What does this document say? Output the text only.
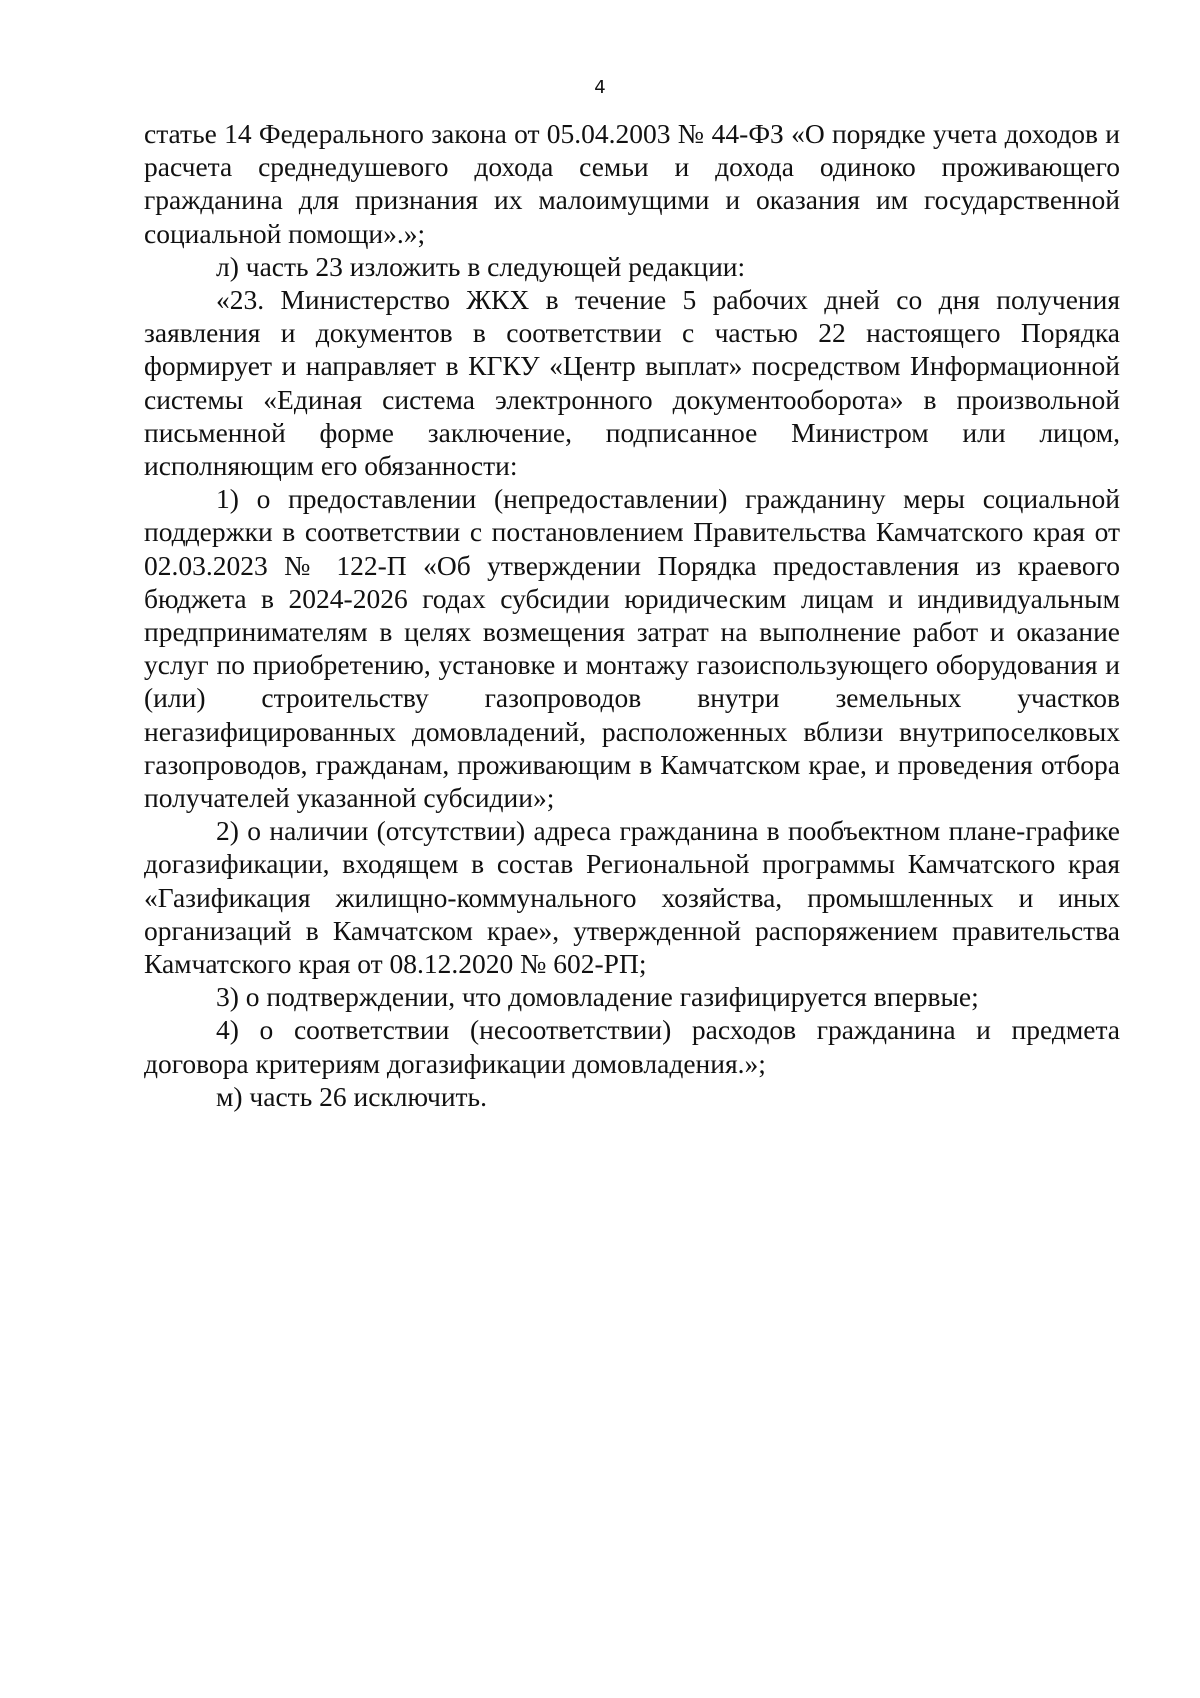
4

статье 14 Федерального закона от 05.04.2003 № 44-ФЗ «О порядке учета доходов и расчета среднедушевого дохода семьи и дохода одиноко проживающего гражданина для признания их малоимущими и оказания им государственной социальной помощи».»;

л) часть 23 изложить в следующей редакции:

«23. Министерство ЖКХ в течение 5 рабочих дней со дня получения заявления и документов в соответствии с частью 22 настоящего Порядка формирует и направляет в КГКУ «Центр выплат» посредством Информационной системы «Единая система электронного документооборота» в произвольной письменной форме заключение, подписанное Министром или лицом, исполняющим его обязанности:

1) о предоставлении (непредоставлении) гражданину меры социальной поддержки в соответствии с постановлением Правительства Камчатского края от 02.03.2023 № 122-П «Об утверждении Порядка предоставления из краевого бюджета в 2024-2026 годах субсидии юридическим лицам и индивидуальным предпринимателям в целях возмещения затрат на выполнение работ и оказание услуг по приобретению, установке и монтажу газоиспользующего оборудования и (или) строительству газопроводов внутри земельных участков негазифицированных домовладений, расположенных вблизи внутрипоселковых газопроводов, гражданам, проживающим в Камчатском крае, и проведения отбора получателей указанной субсидии»;

2) о наличии (отсутствии) адреса гражданина в пообъектном плане-графике догазификации, входящем в состав Региональной программы Камчатского края «Газификация жилищно-коммунального хозяйства, промышленных и иных организаций в Камчатском крае», утвержденной распоряжением правительства Камчатского края от 08.12.2020 № 602-РП;

3) о подтверждении, что домовладение газифицируется впервые;

4) о соответствии (несоответствии) расходов гражданина и предмета договора критериям догазификации домовладения.»;

м) часть 26 исключить.
